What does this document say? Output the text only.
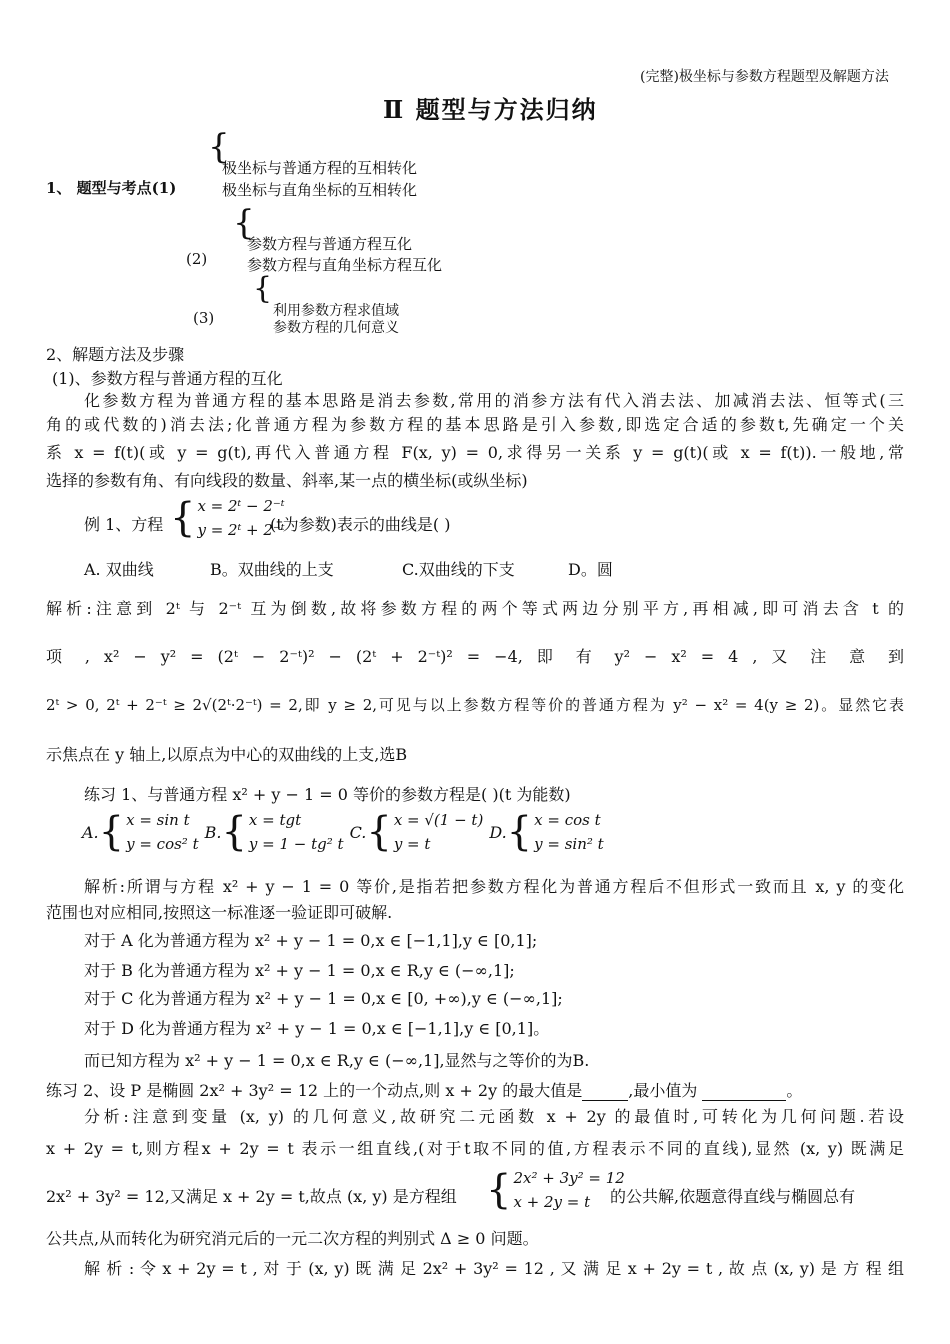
(完整)极坐标与参数方程题型及解题方法
Ⅱ 题型与方法归纳
1、 题型与考点(1)
{
极坐标与普通方程的互相转化
极坐标与直角坐标的互相转化
(2)
{
参数方程与普通方程互化
参数方程与直角坐标方程互化
(3)
{
利用参数方程求值域
参数方程的几何意义
2、解题方法及步骤
(1)、参数方程与普通方程的互化
化参数方程为普通方程的基本思路是消去参数,常用的消参方法有代入消去法、加减消去法、恒等式(三
角的或代数的)消去法;化普通方程为参数方程的基本思路是引入参数,即选定合适的参数t,先确定一个关
系 x = f(t)(或 y = g(t),再代入普通方程 F(x, y) = 0,求得另一关系 y = g(t)(或 x = f(t)).一般地,常
选择的参数有角、有向线段的数量、斜率,某一点的横坐标(或纵坐标)
例 1、方程 { x = 2ᵗ − 2⁻ᵗ
y = 2ᵗ + 2⁻ᵗ
(t为参数)表示的曲线是( )
A. 双曲线	B。双曲线的上支	C.双曲线的下支	D。圆
解析:注意到 2ᵗ 与 2⁻ᵗ 互为倒数,故将参数方程的两个等式两边分别平方,再相减,即可消去含 t 的
项 , x² − y² = (2ᵗ − 2⁻ᵗ)² − (2ᵗ + 2⁻ᵗ)² = −4, 即 有 y² − x² = 4 , 又 注 意 到
2ᵗ > 0, 2ᵗ + 2⁻ᵗ ≥ 2√(2ᵗ·2⁻ᵗ) = 2,即 y ≥ 2,可见与以上参数方程等价的普通方程为 y² − x² = 4(y ≥ 2)。显然它表
示焦点在 y 轴上,以原点为中心的双曲线的上支,选B
练习 1、与普通方程 x² + y − 1 = 0 等价的参数方程是( )(t 为能数)
A. { x = sin t
y = cos² t
B. { x = tgt
y = 1 − tg² t
C. { x = √(1 − t)
y = t
D. { x = cos t
y = sin² t
解析:所谓与方程 x² + y − 1 = 0 等价,是指若把参数方程化为普通方程后不但形式一致而且 x, y 的变化
范围也对应相同,按照这一标准逐一验证即可破解.
对于 A 化为普通方程为 x² + y − 1 = 0,x ∈ [−1,1],y ∈ [0,1];
对于 B 化为普通方程为 x² + y − 1 = 0,x ∈ R,y ∈ (−∞,1];
对于 C 化为普通方程为 x² + y − 1 = 0,x ∈ [0, +∞),y ∈ (−∞,1];
对于 D 化为普通方程为 x² + y − 1 = 0,x ∈ [−1,1],y ∈ [0,1]。
而已知方程为 x² + y − 1 = 0,x ∈ R,y ∈ (−∞,1],显然与之等价的为B.
练习 2、设 P 是椭圆 2x² + 3y² = 12 上的一个动点,则 x + 2y 的最大值是	,最小值为	。
分析:注意到变量 (x, y) 的几何意义,故研究二元函数 x + 2y 的最值时,可转化为几何问题.若设
x + 2y = t,则方程x + 2y = t 表示一组直线,(对于t取不同的值,方程表示不同的直线),显然 (x, y) 既满足
2x² + 3y² = 12,又满足 x + 2y = t,故点 (x, y) 是方程组 { 2x² + 3y² = 12
x + 2y = t	的公共解,依题意得直线与椭圆总有
公共点,从而转化为研究消元后的一元二次方程的判别式 Δ ≥ 0 问题。
解 析 : 令 x + 2y = t , 对 于 (x, y) 既 满 足 2x² + 3y² = 12 , 又 满 足 x + 2y = t , 故 点 (x, y) 是 方 程 组
